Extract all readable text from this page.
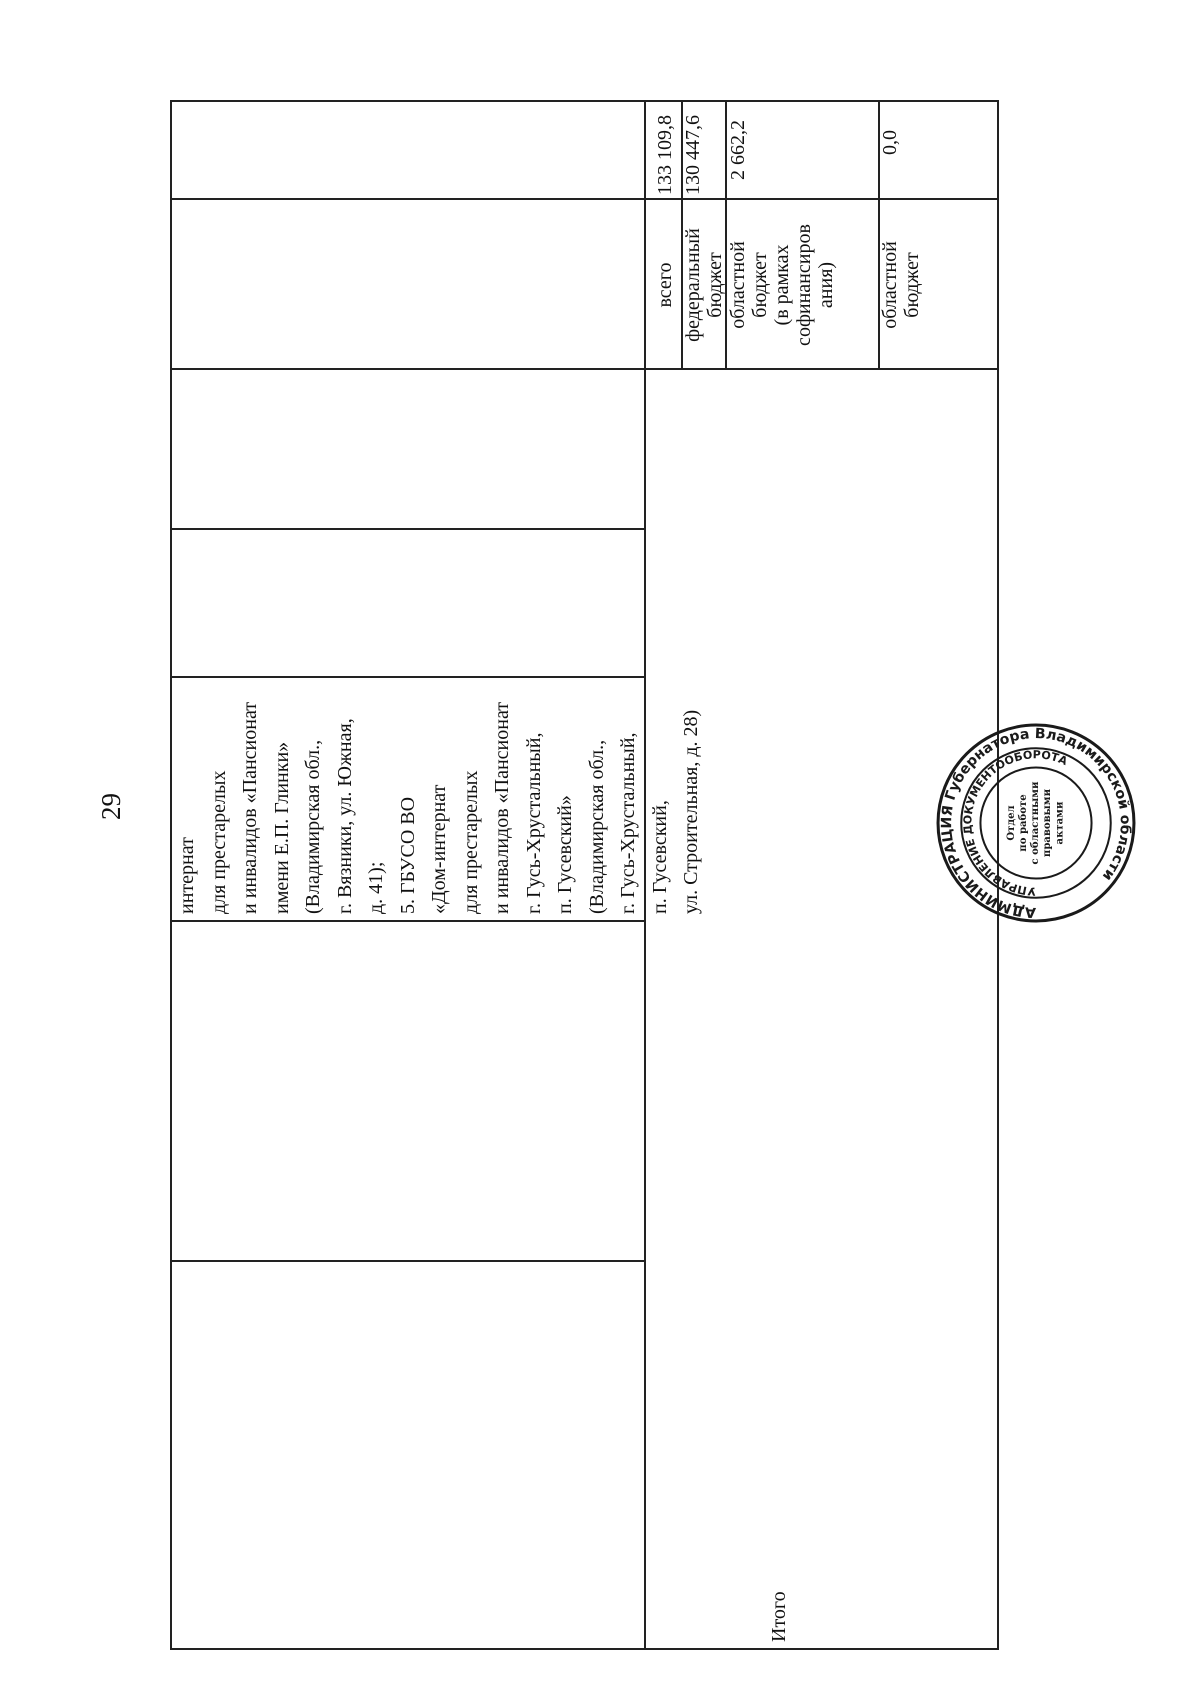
29
интернат
для престарелых
и инвалидов «Пансионат
имени Е.П. Глинки»
(Владимирская обл.,
г. Вязники, ул. Южная,
д. 41);
5. ГБУСО ВО
«Дом-интернат
для престарелых
и инвалидов «Пансионат
г. Гусь-Хрустальный,
п. Гусевский»
(Владимирская обл.,
г. Гусь-Хрустальный,
п. Гусевский,
ул. Строительная, д. 28)
Итого
всего федеральный
бюджет областной
бюджет
(в рамках
софинансиров
ания) областной
бюджет
133 109,8 130 447,6 2 662,2	0,0
АДМИНИСТРАЦИЯ Губернатора Владимирской области
УПРАВЛЕНИЕ ДОКУМЕНТООБОРОТА
Отделпо работес областнымиправовымиактами
